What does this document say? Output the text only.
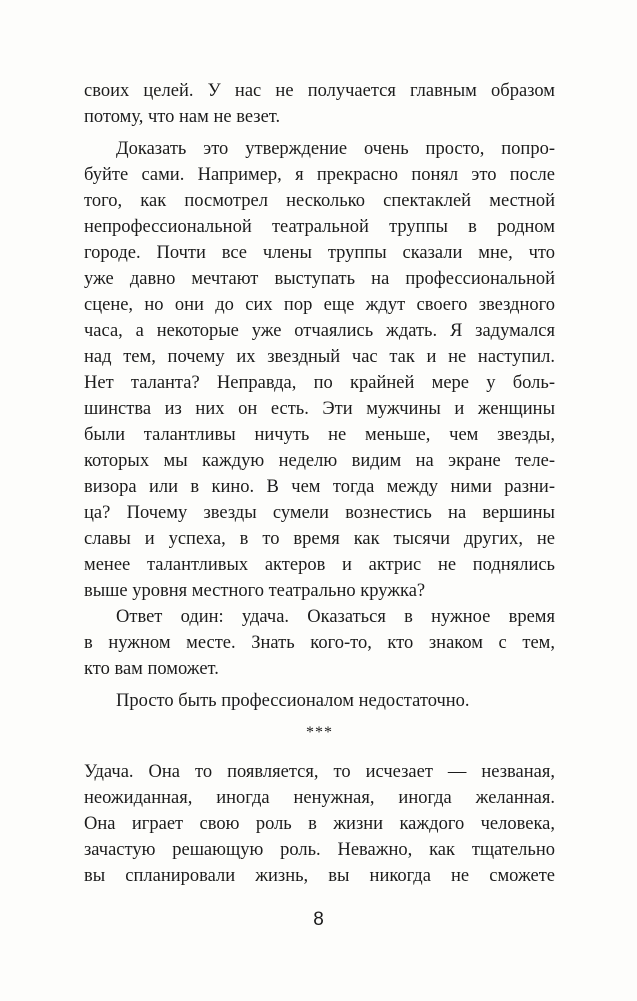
своих целей. У нас не получается главным образом
потому, что нам не везет.
Доказать это утверждение очень просто, попро-
буйте сами. Например, я прекрасно понял это после
того, как посмотрел несколько спектаклей местной
непрофессиональной театральной труппы в родном
городе. Почти все члены труппы сказали мне, что
уже давно мечтают выступать на профессиональной
сцене, но они до сих пор еще ждут своего звездного
часа, а некоторые уже отчаялись ждать. Я задумался
над тем, почему их звездный час так и не наступил.
Нет таланта? Неправда, по крайней мере у боль-
шинства из них он есть. Эти мужчины и женщины
были талантливы ничуть не меньше, чем звезды,
которых мы каждую неделю видим на экране теле-
визора или в кино. В чем тогда между ними разни-
ца? Почему звезды сумели вознестись на вершины
славы и успеха, в то время как тысячи других, не
менее талантливых актеров и актрис не поднялись
выше уровня местного театрально кружка?
Ответ один: удача. Оказаться в нужное время
в нужном месте. Знать кого-то, кто знаком с тем,
кто вам поможет.
Просто быть профессионалом недостаточно.
***
Удача. Она то появляется, то исчезает — незваная,
неожиданная, иногда ненужная, иногда желанная.
Она играет свою роль в жизни каждого человека,
зачастую решающую роль. Неважно, как тщательно
вы спланировали жизнь, вы никогда не сможете
8
